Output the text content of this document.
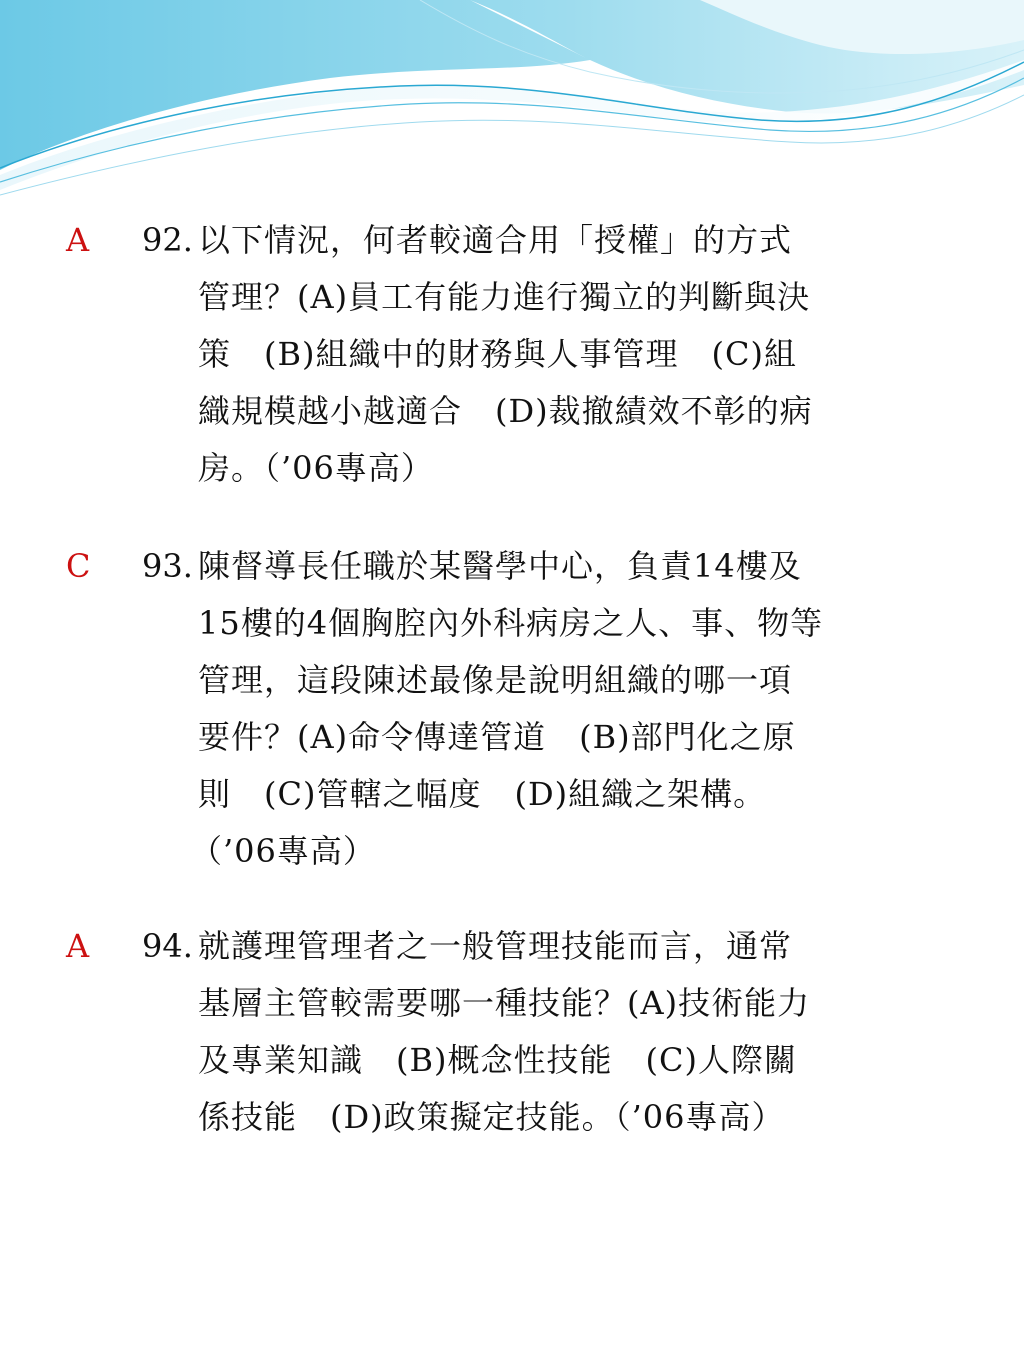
A 92. 以下情況，何者較適合用「授權」的方式
管理？(A)員工有能力進行獨立的判斷與決
策　(B)組織中的財務與人事管理　(C)組
織規模越小越適合　(D)裁撤績效不彰的病
房。（’06專高）
C 93. 陳督導長任職於某醫學中心，負責14樓及
15樓的4個胸腔內外科病房之人、事、物等
管理，這段陳述最像是說明組織的哪一項
要件？(A)命令傳達管道　(B)部門化之原
則　(C)管轄之幅度　(D)組織之架構。
（’06專高）
A 94. 就護理管理者之一般管理技能而言，通常
基層主管較需要哪一種技能？(A)技術能力
及專業知識　(B)概念性技能　(C)人際關
係技能　(D)政策擬定技能。（’06專高）
